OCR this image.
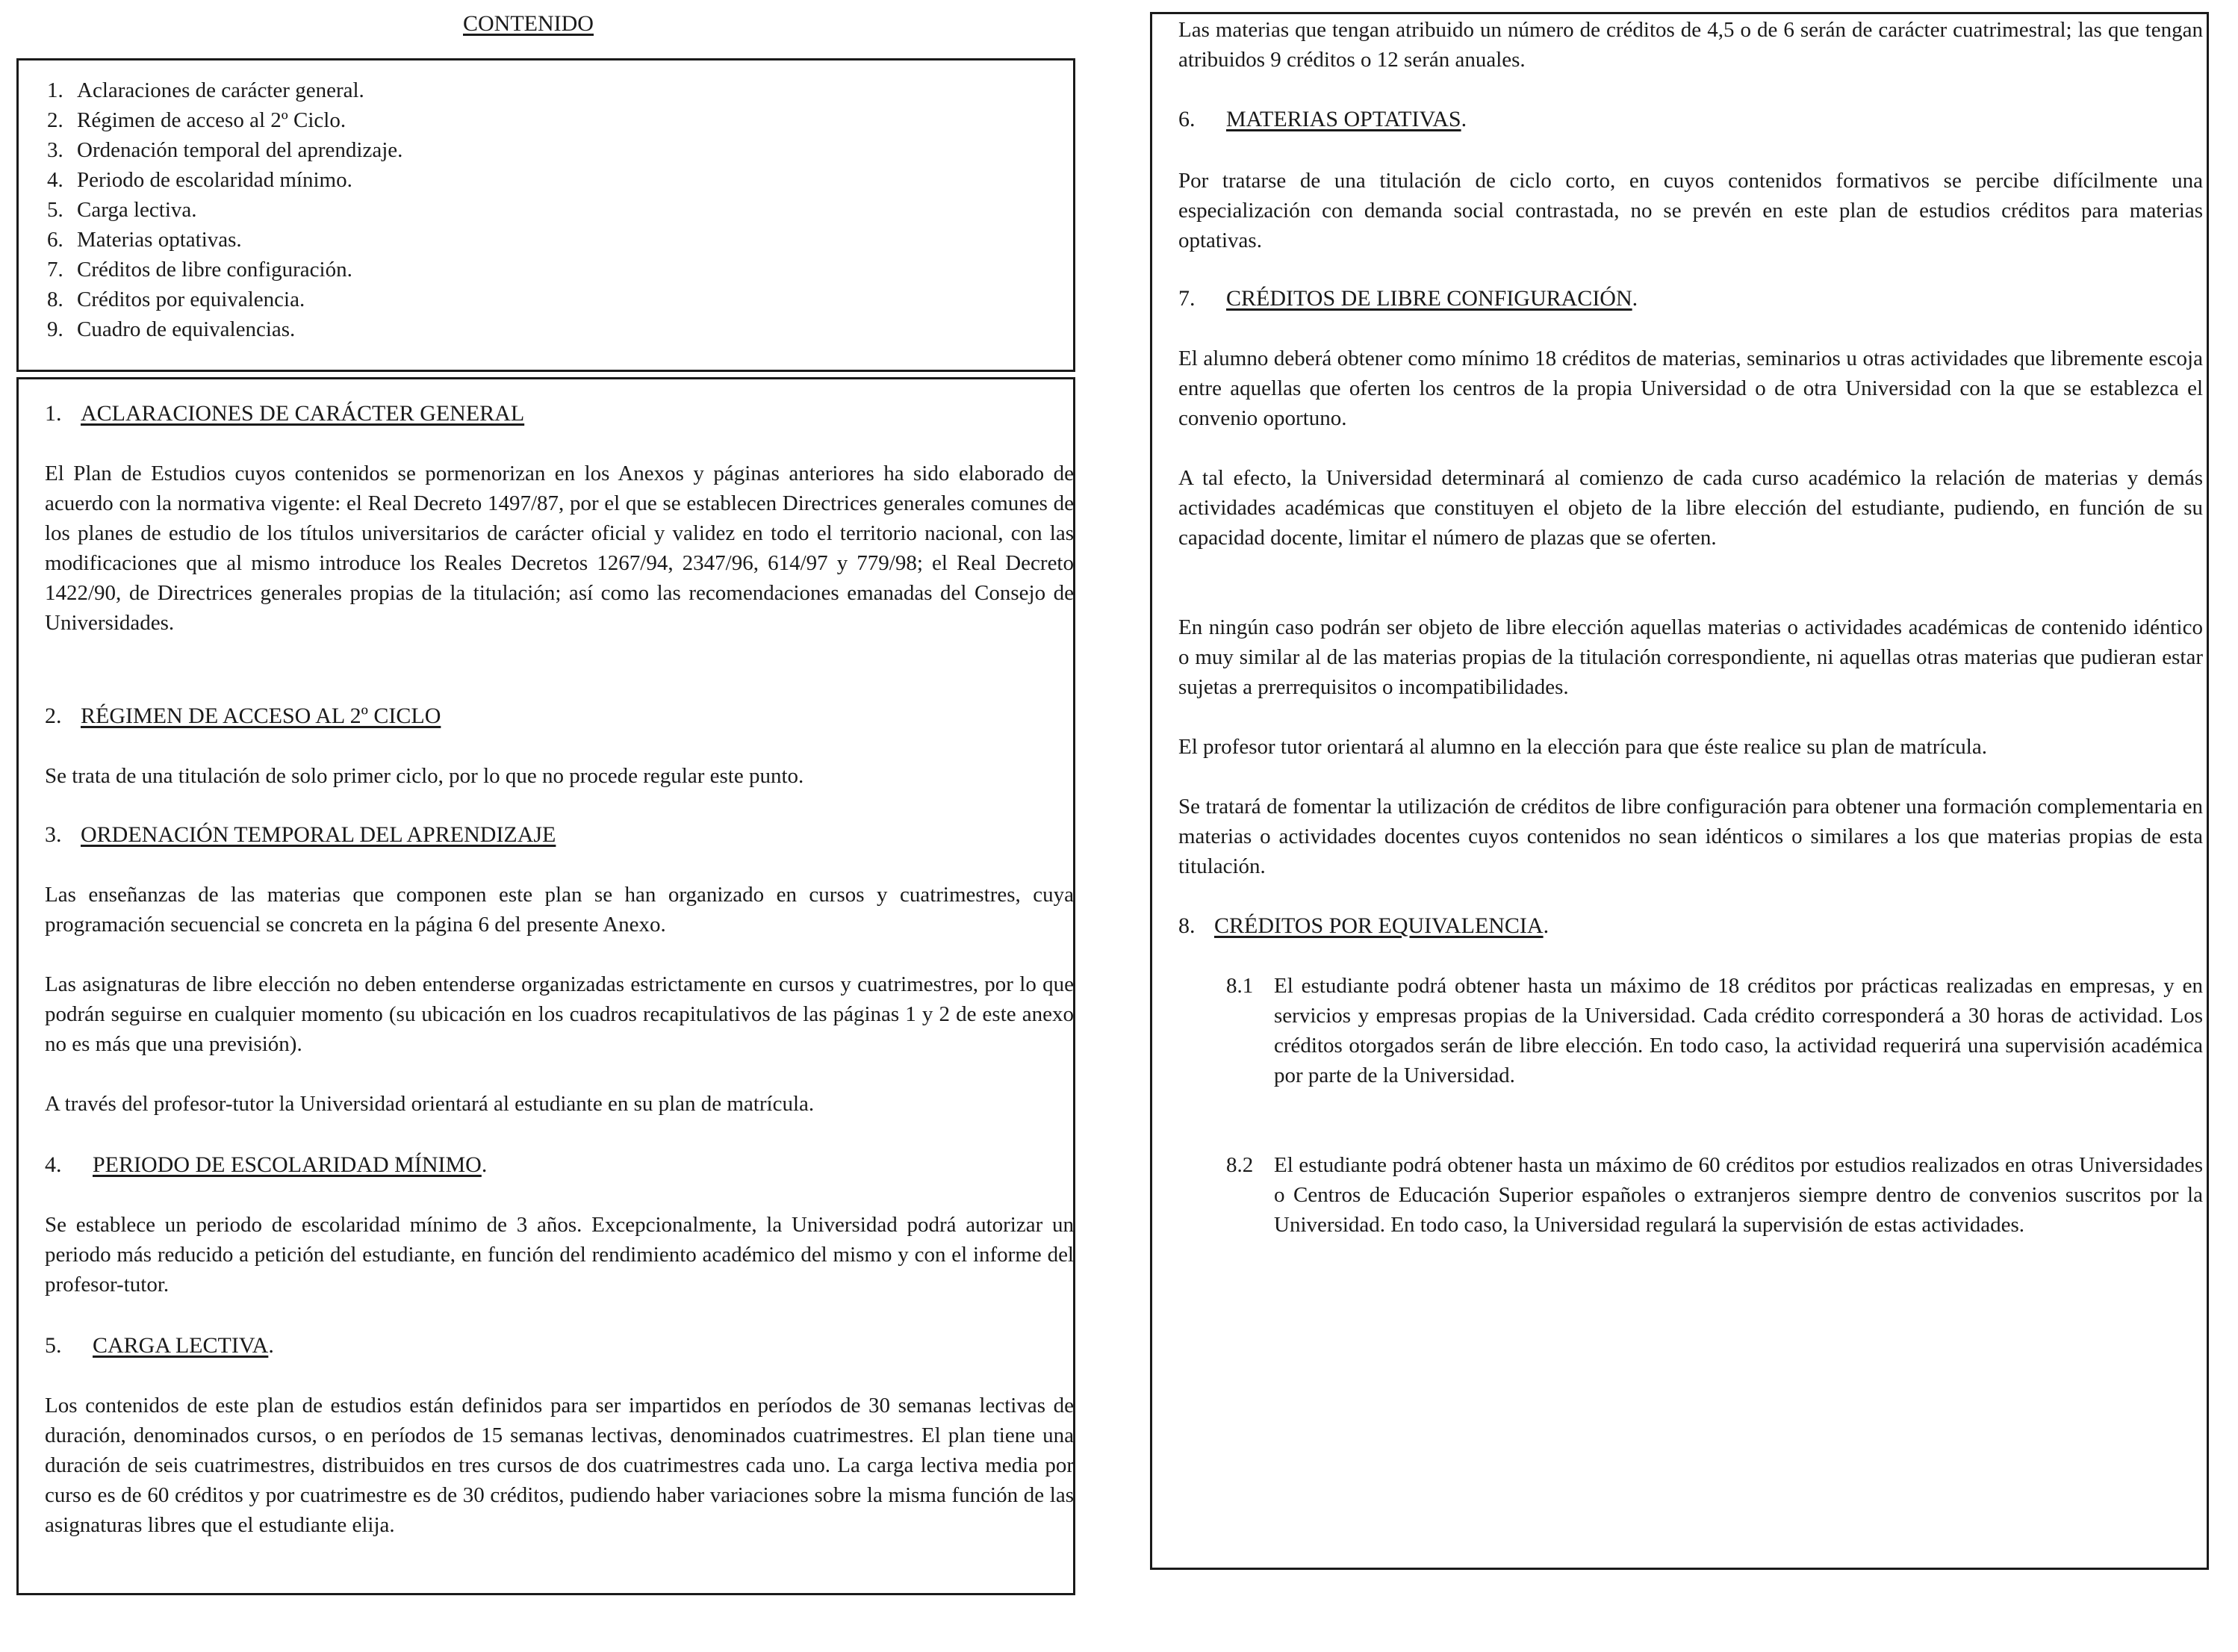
CONTENIDO
1. Aclaraciones de carácter general.
2. Régimen de acceso al 2º Ciclo.
3. Ordenación temporal del aprendizaje.
4. Periodo de escolaridad mínimo.
5. Carga lectiva.
6. Materias optativas.
7. Créditos de libre configuración.
8. Créditos por equivalencia.
9. Cuadro de equivalencias.
1. ACLARACIONES DE CARÁCTER GENERAL

El Plan de Estudios cuyos contenidos se pormenorizan en los Anexos y páginas anteriores ha sido elaborado de acuerdo con la normativa vigente: el Real Decreto 1497/87, por el que se establecen Directrices generales comunes de los planes de estudio de los títulos universitarios de carácter oficial y validez en todo el territorio nacional, con las modificaciones que al mismo introduce los Reales Decretos 1267/94, 2347/96, 614/97 y 779/98; el Real Decreto 1422/90, de Directrices generales propias de la titulación; así como las recomendaciones emanadas del Consejo de Universidades.

2. RÉGIMEN DE ACCESO AL 2º CICLO

Se trata de una titulación de solo primer ciclo, por lo que no procede regular este punto.

3. ORDENACIÓN TEMPORAL DEL APRENDIZAJE

Las enseñanzas de las materias que componen este plan se han organizado en cursos y cuatrimestres, cuya programación secuencial se concreta en la página 6 del presente Anexo.

Las asignaturas de libre elección no deben entenderse organizadas estrictamente en cursos y cuatrimestres, por lo que podrán seguirse en cualquier momento (su ubicación en los cuadros recapitulativos de las páginas 1 y 2 de este anexo no es más que una previsión).

A través del profesor-tutor la Universidad orientará al estudiante en su plan de matrícula.

4. PERIODO DE ESCOLARIDAD MÍNIMO.

Se establece un periodo de escolaridad mínimo de 3 años. Excepcionalmente, la Universidad podrá autorizar un periodo más reducido a petición del estudiante, en función del rendimiento académico del mismo y con el informe del profesor-tutor.

5. CARGA LECTIVA.

Los contenidos de este plan de estudios están definidos para ser impartidos en períodos de 30 semanas lectivas de duración, denominados cursos, o en períodos de 15 semanas lectivas, denominados cuatrimestres. El plan tiene una duración de seis cuatrimestres, distribuidos en tres cursos de dos cuatrimestres cada uno. La carga lectiva media por curso es de 60 créditos y por cuatrimestre es de 30 créditos, pudiendo haber variaciones sobre la misma función de las asignaturas libres que el estudiante elija.

Las materias que tengan atribuido un número de créditos de 4,5 o de 6 serán de carácter cuatrimestral; las que tengan atribuidos 9 créditos o 12 serán anuales.

6. MATERIAS OPTATIVAS.

Por tratarse de una titulación de ciclo corto, en cuyos contenidos formativos se percibe difícilmente una especialización con demanda social contrastada, no se prevén en este plan de estudios créditos para materias optativas.

7. CRÉDITOS DE LIBRE CONFIGURACIÓN.

El alumno deberá obtener como mínimo 18 créditos de materias, seminarios u otras actividades que libremente escoja entre aquellas que oferten los centros de la propia Universidad o de otra Universidad con la que se establezca el convenio oportuno.

A tal efecto, la Universidad determinará al comienzo de cada curso académico la relación de materias y demás actividades académicas que constituyen el objeto de la libre elección del estudiante, pudiendo, en función de su capacidad docente, limitar el número de plazas que se oferten.

En ningún caso podrán ser objeto de libre elección aquellas materias o actividades académicas de contenido idéntico o muy similar al de las materias propias de la titulación correspondiente, ni aquellas otras materias que pudieran estar sujetas a prerrequisitos o incompatibilidades.

El profesor tutor orientará al alumno en la elección para que éste realice su plan de matrícula.

Se tratará de fomentar la utilización de créditos de libre configuración para obtener una formación complementaria en materias o actividades docentes cuyos contenidos no sean idénticos o similares a los que materias propias de esta titulación.

8. CRÉDITOS POR EQUIVALENCIA.
8.1 El estudiante podrá obtener hasta un máximo de 18 créditos por prácticas realizadas en empresas, y en servicios y empresas propias de la Universidad. Cada crédito corresponderá a 30 horas de actividad. Los créditos otorgados serán de libre elección. En todo caso, la actividad requerirá una supervisión académica por parte de la Universidad.
8.2 El estudiante podrá obtener hasta un máximo de 60 créditos por estudios realizados en otras Universidades o Centros de Educación Superior españoles o extranjeros siempre dentro de convenios suscritos por la Universidad. En todo caso, la Universidad regulará la supervisión de estas actividades.
